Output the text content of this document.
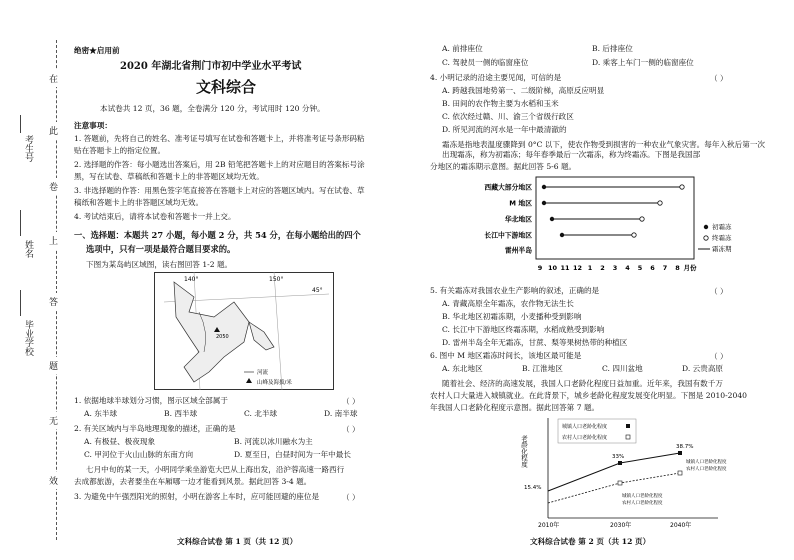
考生号
姓名
毕业学校
在
此
卷
上
答
题
无
效
绝密★启用前
2020 年湖北省荆门市初中学业水平考试
文科综合
本试卷共 12 页，36 题，全卷满分 120 分，考试用时 120 分钟。
注意事项：
1. 答题前，先将自己的姓名、准考证号填写在试卷和答题卡上，并将准考证号条形码粘
贴在答题卡上的指定位置。
2. 选择题的作答：每小题选出答案后，用 2B 铅笔把答题卡上的对应题目的答案标号涂
黑，写在试卷、草稿纸和答题卡上的非答题区域均无效。
3. 非选择题的作答：用黑色签字笔直接答在答题卡上对应的答题区域内。写在试卷、草
稿纸和答题卡上的非答题区域均无效。
4. 考试结束后，请将本试卷和答题卡一并上交。
一、选择题：本题共 27 小题，每小题 2 分，共 54 分，在每小题给出的四个
选项中，只有一项是最符合题目要求的。
下图为某岛屿区域图，读右图回答 1-2 题。
140°	150°
45°
2050
河流
山峰及海拔/米
1. 依据地球半球划分习惯，图示区域全部属于	（ ）
A. 东半球	B. 西半球	C. 北半球	D. 南半球
2. 有关区域内与半岛地理现象的描述，正确的是	（ ）
A. 有极昼、极夜现象	B. 河流以冰川融水为主
C. 甲河位于火山山脉的东南方向	D. 夏至日，白昼时间为一年中最长
七月中旬的某一天，小明同学乘坐游览大巴从上海出发，沿沪蓉高速一路西行
去成都旅游，去者要坐在车厢哪一边才能看到风景。据此回答 3-4 题。
3. 为避免中午强烈阳光的照射，小明在游客上车时，应可能回避的座位是	（ ）
文科综合试卷 第 1 页（共 12 页）
A. 前排座位	B. 后排座位
C. 驾驶员一侧的临窗座位	D. 乘客上车门一侧的临窗座位
4. 小明记录的沿途主要见闻，可信的是	（ ）
A. 跨越我国地势第一、二级阶梯，高原反应明显
B. 田间的农作物主要为水稻和玉米
C. 依次经过赣、川、渝三个省级行政区
D. 所见河流的河水是一年中最清澈的
霜冻是指地表温度骤降到 0°C 以下，使农作物受到损害的一种农业气象灾害。每年入秋后第一次出现霜冻，称为初霜冻；每年春季最后一次霜冻，称为终霜冻。下图是我国部
分地区的霜冻期示意图。据此回答 5-6 题。
西藏大部分地区
M 地区
华北地区
长江中下游地区
雷州半岛
9 10 11 12 1 2 3 4 5 6 7 8 月份
初霜冻
终霜冻
霜冻期
5. 有关霜冻对我国农业生产影响的叙述，正确的是	（ ）
A. 青藏高原全年霜冻，农作物无法生长
B. 华北地区初霜冻期，小麦播种受到影响
C. 长江中下游地区终霜冻期，水稻成熟受到影响
D. 雷州半岛全年无霜冻，甘蔗、梨等果树热带的种植区
6. 图中 M 地区霜冻时间长，该地区最可能是	（ ）
A. 东北地区	B. 江淮地区	C. 四川盆地	D. 云贵高原
随着社会、经济的高速发展，我国人口老龄化程度日益加重。近年来，我国有数千万
农村人口大量进入城镇就业。在此背景下，城乡老龄化程度发展变化明显。下图是 2010-2040
年我国人口老龄化程度示意图。据此回答第 7 题。
老龄化程度
城镇人口老龄化程度
农村人口老龄化程度
15.4%
33%
38.7%
城镇人口老龄化程度
农村人口老龄化程度
城镇人口老龄化程度
农村人口老龄化程度
2010年	2030年	2040年
文科综合试卷 第 2 页（共 12 页）
